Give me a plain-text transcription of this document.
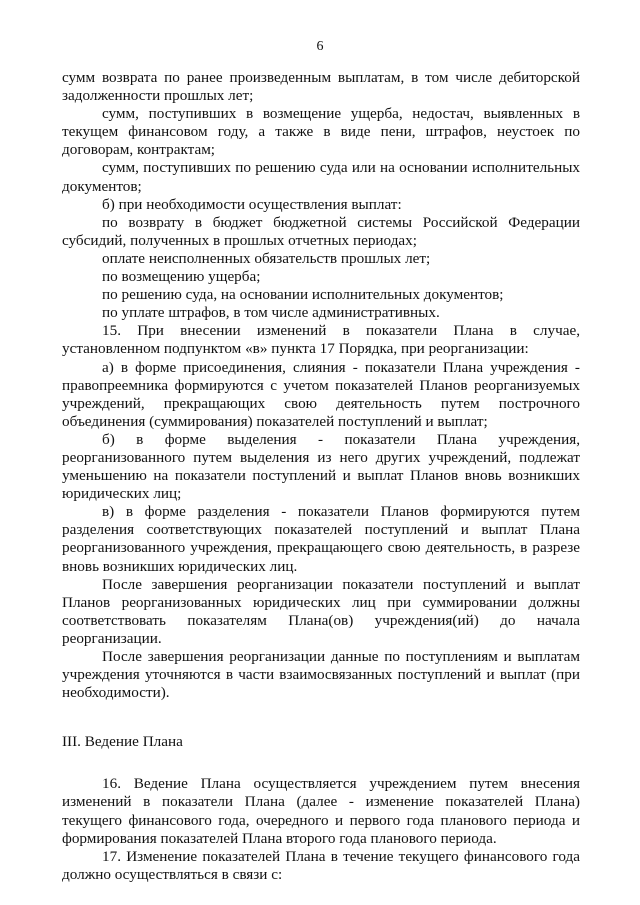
6

сумм возврата по ранее произведенным выплатам, в том числе дебиторской задолженности прошлых лет;

сумм, поступивших в возмещение ущерба, недостач, выявленных в текущем финансовом году, а также в виде пени, штрафов, неустоек по договорам, контрактам;

сумм, поступивших по решению суда или на основании исполнительных документов;

б) при необходимости осуществления выплат:

по возврату в бюджет бюджетной системы Российской Федерации субсидий, полученных в прошлых отчетных периодах;

оплате неисполненных обязательств прошлых лет;

по возмещению ущерба;

по решению суда, на основании исполнительных документов;

по уплате штрафов, в том числе административных.

15. При внесении изменений в показатели Плана в случае, установленном подпунктом «в» пункта 17 Порядка, при реорганизации:

а) в форме присоединения, слияния - показатели Плана учреждения - правопреемника формируются с учетом показателей Планов реорганизуемых учреждений, прекращающих свою деятельность путем построчного объединения (суммирования) показателей поступлений и выплат;

б) в форме выделения - показатели Плана учреждения, реорганизованного путем выделения из него других учреждений, подлежат уменьшению на показатели поступлений и выплат Планов вновь возникших юридических лиц;

в) в форме разделения - показатели Планов формируются путем разделения соответствующих показателей поступлений и выплат Плана реорганизованного учреждения, прекращающего свою деятельность, в разрезе вновь возникших юридических лиц.

После завершения реорганизации показатели поступлений и выплат Планов реорганизованных юридических лиц при суммировании должны соответствовать показателям Плана(ов) учреждения(ий) до начала реорганизации.

После завершения реорганизации данные по поступлениям и выплатам учреждения уточняются в части взаимосвязанных поступлений и выплат (при необходимости).

III. Ведение Плана

16. Ведение Плана осуществляется учреждением путем внесения изменений в показатели Плана (далее - изменение показателей Плана) текущего финансового года, очередного и первого года планового периода и формирования показателей Плана второго года планового периода.

17. Изменение показателей Плана в течение текущего финансового года должно осуществляться в связи с:
